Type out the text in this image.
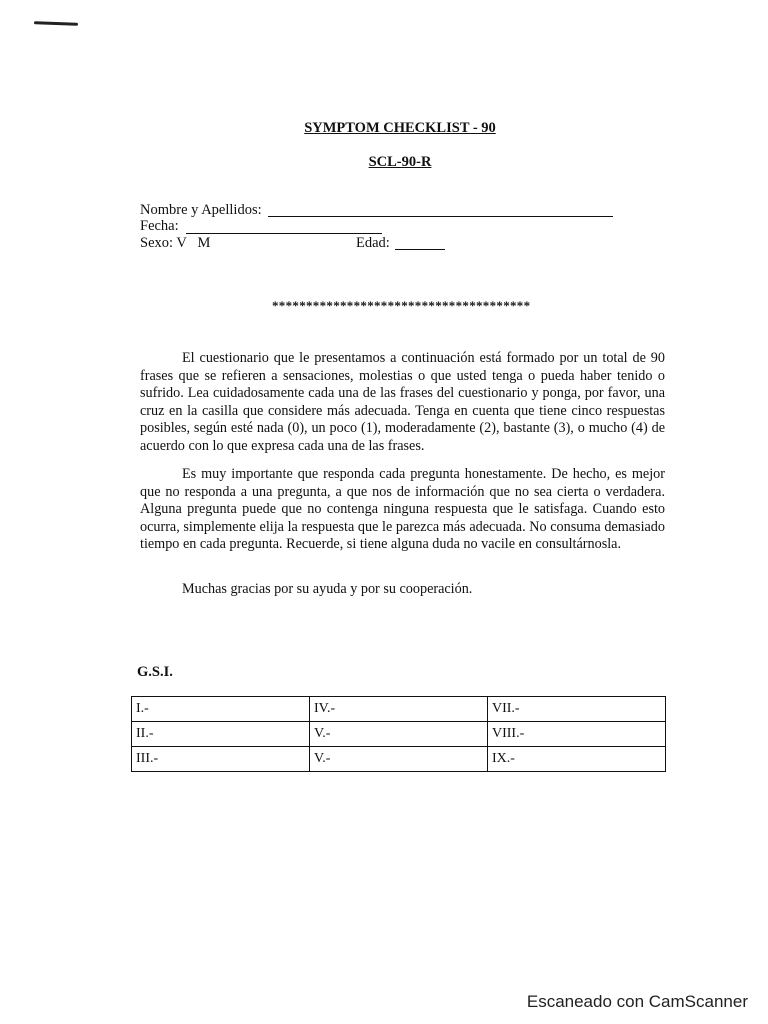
SYMPTOM CHECKLIST - 90
SCL-90-R
Nombre y Apellidos:
Fecha:
Sexo: V   M	Edad:
**************************************
El cuestionario que le presentamos a continuación está formado por un total de 90 frases que se refieren a sensaciones, molestias o que usted tenga o pueda haber tenido o sufrido. Lea cuidadosamente cada una de las frases del cuestionario y ponga, por favor, una cruz en la casilla que considere más adecuada. Tenga en cuenta que tiene cinco respuestas posibles, según esté nada (0), un poco (1), moderadamente (2), bastante (3), o mucho (4) de acuerdo con lo que expresa cada una de las frases.
Es muy importante que responda cada pregunta honestamente. De hecho, es mejor que no responda a una pregunta, a que nos de información que no sea cierta o verdadera. Alguna pregunta puede que no contenga ninguna respuesta que le satisfaga. Cuando esto ocurra, simplemente elija la respuesta que le parezca más adecuada. No consuma demasiado tiempo en cada pregunta. Recuerde, si tiene alguna duda no vacile en consultárnosla.
Muchas gracias por su ayuda y por su cooperación.
G.S.I.
I.-	IV.-	VII.-
II.-	V.-	VIII.-
III.-	V.-	IX.-
Escaneado con CamScanner
